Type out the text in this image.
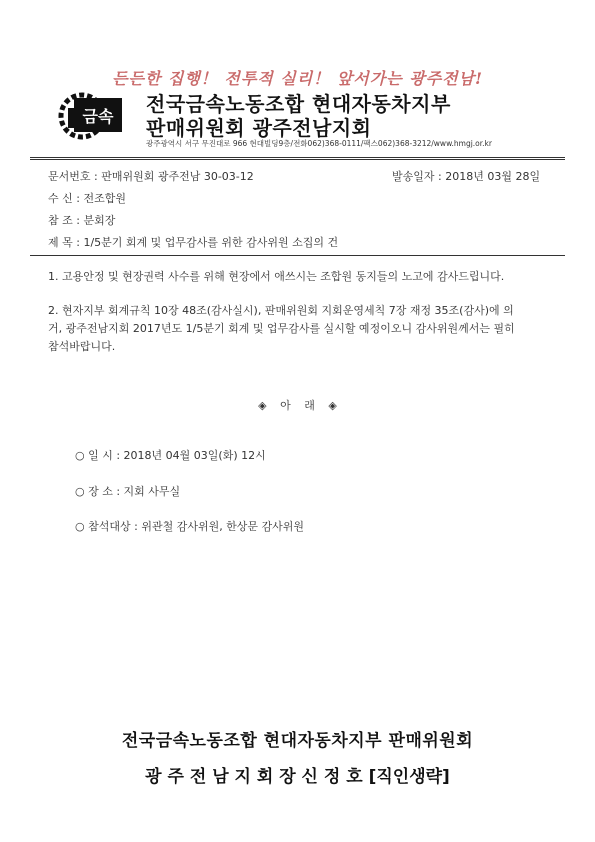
든든한 집행！ 전투적 실리！ 앞서가는 광주전남!
금속
전국금속노동조합 현대자동차지부
판매위원회 광주전남지회
광주광역시 서구 무진대로 966 현대빌딩9층/전화062)368-0111/팩스062)368-3212/www.hmgj.or.kr
문서번호 : 판매위원회 광주전남 30-03-12	발송일자 : 2018년 03월 28일
수 신 : 전조합원
참 조 : 분회장
제 목 : 1/5분기 회계 및 업무감사를 위한 감사위원 소집의 건
1. 고용안정 및 현장권력 사수를 위해 현장에서 애쓰시는 조합원 동지들의 노고에 감사드립니다.
2. 현자지부 회계규칙 10장 48조(감사실시), 판매위원회 지회운영세칙 7장 재정 35조(감사)에 의
거, 광주전남지회 2017년도 1/5분기 회계 및 업무감사를 실시할 예정이오니 감사위원께서는 필히
참석바랍니다.
◈ 아 래 ◈
○ 일 시 : 2018년 04월 03일(화) 12시
○ 장 소 : 지회 사무실
○ 참석대상 : 위관철 감사위원, 한상문 감사위원
전국금속노동조합 현대자동차지부 판매위원회
광 주 전 남 지 회 장 신 정 호 [직인생략]
